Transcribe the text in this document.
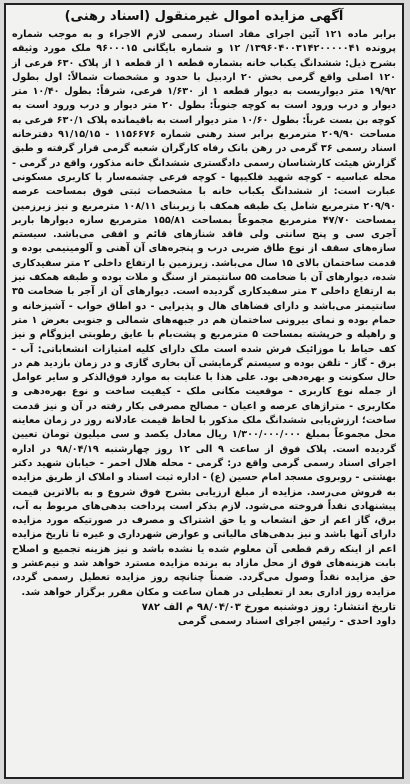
آگهی مزایده اموال غیرمنقول (اسناد رهنی)

برابر ماده ۱۲۱ آئین اجرای مفاد اسناد رسمی لازم الاجراء و به موجب شماره پرونده ۱۳۹۶۰۴۰۰۳۱۴۲۰۰۰۰۰۴۱/ ۱۲ و شماره بایگانی ۹۶۰۰۰۱۵ ملک مورد وثیقه بشرح ذیل: ششدانگ یکباب خانه بشماره قطعه ۱ از قطعه ۱ از پلاک ۶۳۰ فرعی از ۱۲۰ اصلی واقع گرمی بخش ۲۰ اردبیل با حدود و مشخصات شمالاً: اول بطول ۱۹/۹۲ متر دیواریست به دیوار قطعه ۱ از ۱/۶۳۰ فرعی، شرقاً: بطول ۱۰/۴۰ متر دیوار و درب ورود است به کوچه جنوباً: بطول ۲۰ متر دیوار و درب ورود است به کوچه بن بست غرباً: بطول ۱۰/۶۰ متر دیوار است به باقیمانده پلاک ۶۳۰/۱ فرعی به مساحت ۲۰۹/۹۰ مترمربع برابر سند رهنی شماره ۱۱۵۶۶۷۶ - ۹۱/۱۵/۱۵ دفترخانه اسناد رسمی ۳۶ گرمی در رهن بانک رفاه کارگران شعبه گرمی قرار گرفته و طبق گزارش هیئت کارشناسان رسمی دادگستری ششدانگ خانه مذکور، واقع در گرمی - محله عباسیه - کوچه شهید فلکیپها - کوچه فرعی چشمه‌سار با کاربری مسکونی عبارت است: از ششدانگ یکباب خانه با مشخصات ثبتی فوق بمساحت عرصه ۲۰۹/۹۰ مترمربع شامل یک طبقه همکف با زیربنای ۱۰۸/۱۱ مترمربع و نیز زیرزمین بمساحت ۴۷/۷۰ مترمربع مجموعاً بمساحت ۱۵۵/۸۱ مترمربع سازه دیوارها باربر آجری سی و پنج سانتی ولی فاقد شنازهای قائم و افقی می‌باشد. سیستم سازه‌های سقف از نوع طاق ضربی درب و پنجره‌های آن آهنی و آلومینیمی بوده و قدمت ساختمان بالای ۱۵ سال می‌باشد. زیرزمین با ارتفاع داخلی ۲ متر سفیدکاری شده، دیوارهای آن با ضخامت ۵۵ سانتیمتر از سنگ و ملات بوده و طبقه همکف نیز به ارتفاع داخلی ۳ متر سفیدکاری گردیده است. دیوارهای آن از آجر با ضخامت ۳۵ سانتیمتر می‌باشد و دارای فضاهای هال و پذیرایی - دو اطاق خواب - آشپزخانه و حمام بوده و نمای بیرونی ساختمان هم در جبهه‌های شمالی و جنوبی بعرض ۱ متر و راهپله و خرپشته بمساحت ۵ مترمربع و پشت‌بام با عایق رطوبتی ایزوگام و نیز کف حیاط با موزائیک فرش شده است ملک دارای کلیه امتیازات انشعاباتی: آب - برق - گاز - تلفن بوده و سیستم گرمایشی آن بخاری گازی و در زمان بازدید هم در حال سکونت و بهره‌دهی بود. علی هذا با عنایت به موارد فوق‌الذکر و سایر عوامل از جمله نوع کاربری - موقعیت مکانی ملک - کیفیت ساخت و نوع بهره‌دهی و مکاربری - متراژهای عرصه و اعیان - مصالح مصرفی بکار رفته در آن و نیز قدمت ساخت؛ ارزش‌یابی ششدانگ ملک مذکور با لحاظ قیمت عادلانه روز در زمان معاینه محل مجموعاً بمبلغ ۱/۳۰۰/۰۰۰/۰۰۰ ریال معادل یکصد و سی میلیون تومان تعیین گردیده است. پلاک فوق از ساعت ۹ الی ۱۲ روز چهارشنبه ۹۸/۰۴/۱۹ در اداره اجرای اسناد رسمی گرمی واقع در: گرمی - محله هلال احمر - خیابان شهید دکتر بهشتی - روبروی مسجد امام حسین (ع) - اداره ثبت اسناد و املاک از طریق مزایده به فروش می‌رسد. مزایده از مبلغ ارزیابی بشرح فوق شروع و به بالاترین قیمت پیشنهادی نقداً فروخته می‌شود. لازم بذکر است پرداخت بدهی‌های مربوط به آب، برق، گاز اعم از حق انشعاب و یا حق اشتراک و مصرف در صورتیکه مورد مزایده دارای آنها باشد و نیز بدهی‌های مالیاتی و عوارض شهرداری و غیره تا تاریخ مزایده اعم از اینکه رقم قطعی آن معلوم شده یا نشده باشد و نیز هزینه تجمیع و اصلاح بابت هزینه‌های فوق از محل مازاد به برنده مزایده مسترد خواهد شد و نیم‌عشر و حق مزایده نقداً وصول می‌گردد. ضمناً چنانچه روز مزایده تعطیل رسمی گردد، مزایده روز اداری بعد از تعطیلی در همان ساعت و مکان مقرر برگزار خواهد شد.

تاریخ انتشار: روز دوشنبه مورخ ۹۸/۰۴/۰۳ م الف ۷۸۲
داود احدی - رئیس اجرای اسناد رسمی گرمی
